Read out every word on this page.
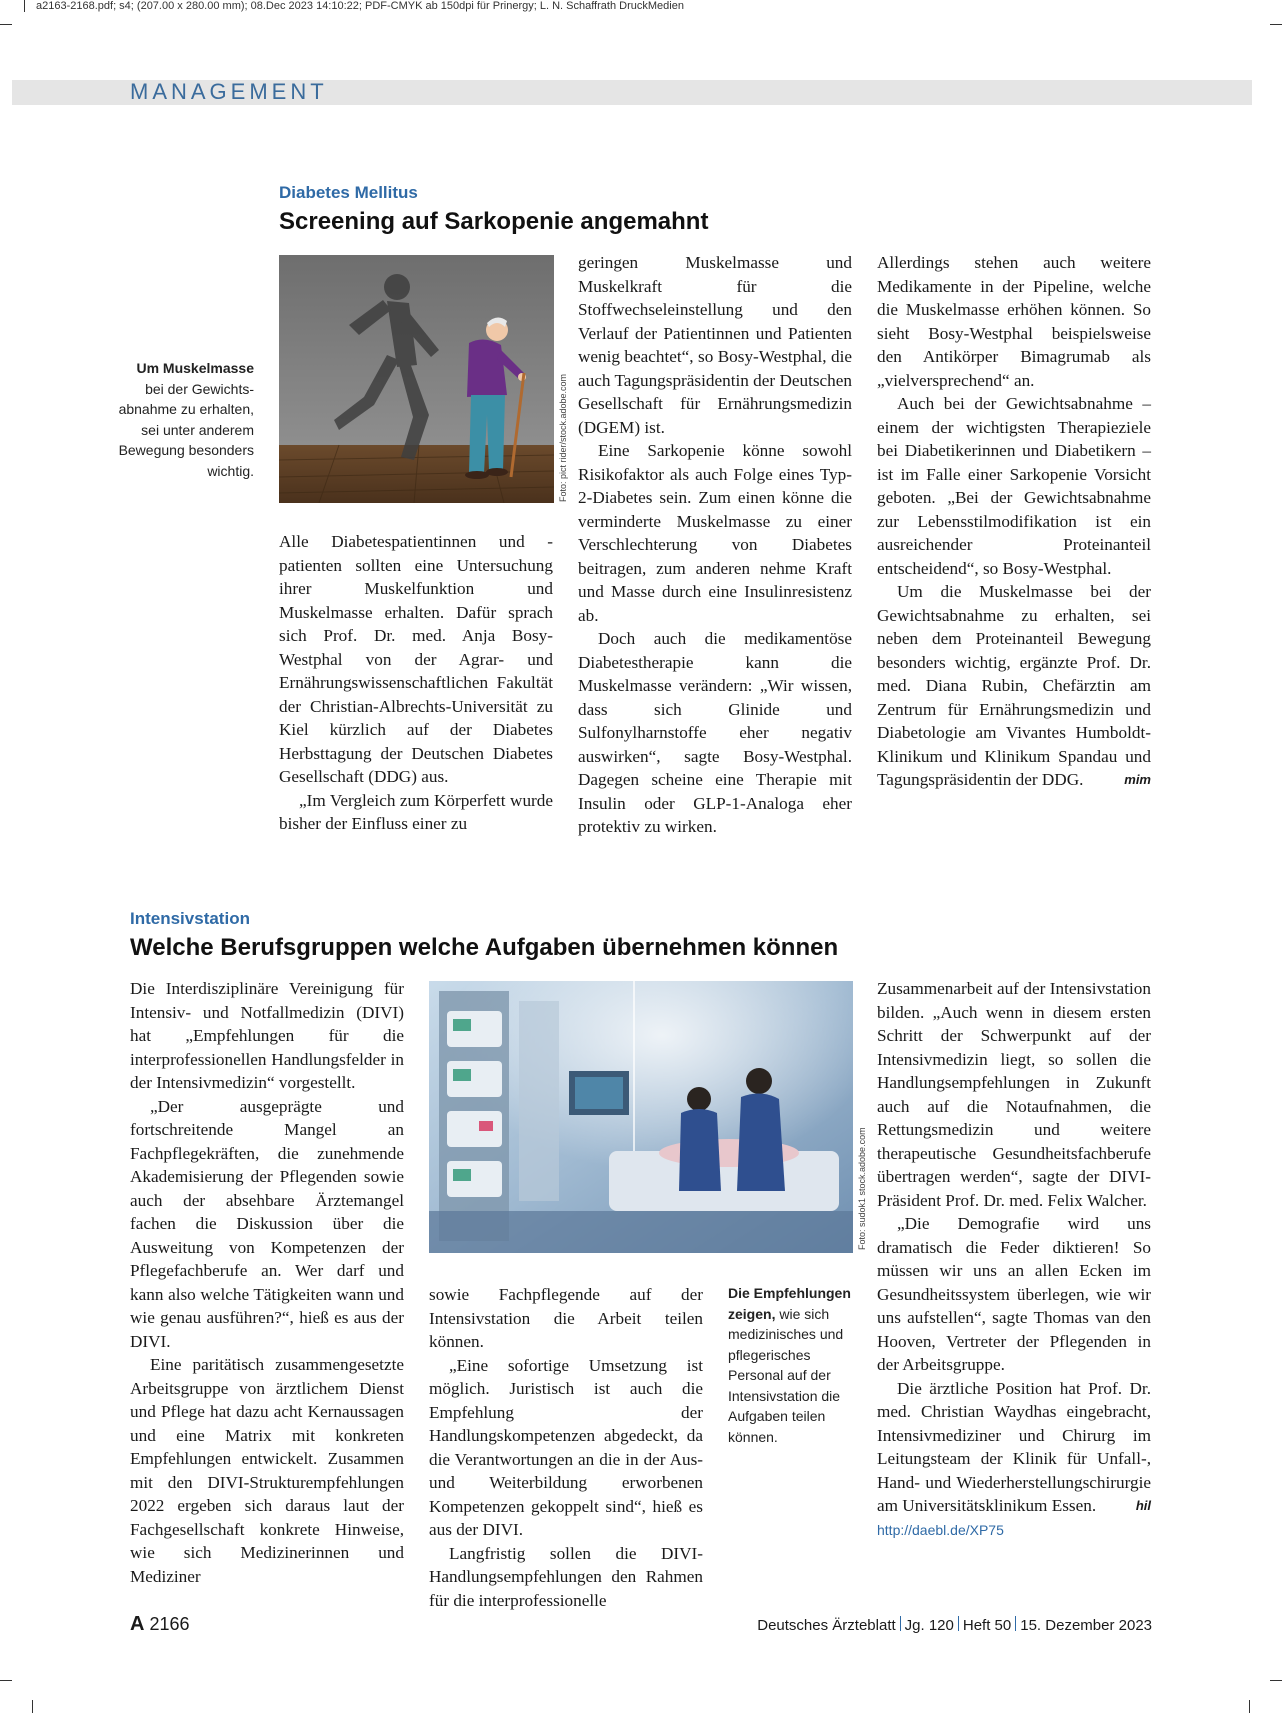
a2163-2168.pdf; s4; (207.00 x 280.00 mm); 08.Dec 2023 14:10:22; PDF-CMYK ab 150dpi für Prinergy; L. N. Schaffrath DruckMedien
MANAGEMENT
Diabetes Mellitus
Screening auf Sarkopenie angemahnt
Um Muskelmasse
bei der Gewichts-abnahme zu erhalten, sei unter anderem Bewegung besonders wichtig.	Foto: pict rider/stock.adobe.com

Alle Diabetespatientinnen und -patienten sollten eine Untersuchung ihrer Muskelfunktion und Muskelmasse erhalten. Dafür sprach sich Prof. Dr. med. Anja Bosy-Westphal von der Agrar- und Ernährungswissenschaftlichen Fakultät der Christian-Albrechts-Universität zu Kiel kürzlich auf der Diabetes Herbsttagung der Deutschen Diabetes Gesellschaft (DDG) aus.

„Im Vergleich zum Körperfett wurde bisher der Einfluss einer zu

geringen Muskelmasse und Muskelkraft für die Stoffwechseleinstellung und den Verlauf der Patientinnen und Patienten wenig beachtet“, so Bosy-Westphal, die auch Tagungspräsidentin der Deutschen Gesellschaft für Ernährungsmedizin (DGEM) ist.

Eine Sarkopenie könne sowohl Risikofaktor als auch Folge eines Typ-2-Diabetes sein. Zum einen könne die verminderte Muskelmasse zu einer Verschlechterung von Diabetes beitragen, zum anderen nehme Kraft und Masse durch eine Insulinresistenz ab.

Doch auch die medikamentöse Diabetestherapie kann die Muskelmasse verändern: „Wir wissen, dass sich Glinide und Sulfonylharnstoffe eher negativ auswirken“, sagte Bosy-Westphal. Dagegen scheine eine Therapie mit Insulin oder GLP-1-Analoga eher protektiv zu wirken.

Allerdings stehen auch weitere Medikamente in der Pipeline, welche die Muskelmasse erhöhen können. So sieht Bosy-Westphal beispielsweise den Antikörper Bimagrumab als „vielversprechend“ an.

Auch bei der Gewichtsabnahme – einem der wichtigsten Therapieziele bei Diabetikerinnen und Diabetikern – ist im Falle einer Sarkopenie Vorsicht geboten. „Bei der Gewichtsabnahme zur Lebensstilmodifikation ist ein ausreichender Proteinanteil entscheidend“, so Bosy-Westphal.

Um die Muskelmasse bei der Gewichtsabnahme zu erhalten, sei neben dem Proteinanteil Bewegung besonders wichtig, ergänzte Prof. Dr. med. Diana Rubin, Chefärztin am Zentrum für Ernährungsmedizin und Diabetologie am Vivantes Humboldt-Klinikum und Klinikum Spandau und Tagungspräsidentin der DDG.	mim

Intensivstation
Welche Berufsgruppen welche Aufgaben übernehmen können

Die Interdisziplinäre Vereinigung für Intensiv- und Notfallmedizin (DIVI) hat „Empfehlungen für die interprofessionellen Handlungsfelder in der Intensivmedizin“ vorgestellt.

„Der ausgeprägte und fortschreitende Mangel an Fachpflegekräften, die zunehmende Akademisierung der Pflegenden sowie auch der absehbare Ärztemangel fachen die Diskussion über die Ausweitung von Kompetenzen der Pflegefachberufe an. Wer darf und kann also welche Tätigkeiten wann und wie genau ausführen?“, hieß es aus der DIVI.

Eine paritätisch zusammengesetzte Arbeitsgruppe von ärztlichem Dienst und Pflege hat dazu acht Kernaussagen und eine Matrix mit konkreten Empfehlungen entwickelt. Zusammen mit den DIVI-Strukturempfehlungen 2022 ergeben sich daraus laut der Fachgesellschaft konkrete Hinweise, wie sich Medizinerinnen und Mediziner

Foto: sudok1 stock.adobe.com

sowie Fachpflegende auf der Intensivstation die Arbeit teilen können.

„Eine sofortige Umsetzung ist möglich. Juristisch ist auch die Empfehlung der Handlungskompetenzen abgedeckt, da die Verantwortungen an die in der Aus- und Weiterbildung erworbenen Kompetenzen gekoppelt sind“, hieß es aus der DIVI.

Langfristig sollen die DIVI-Handlungsempfehlungen den Rahmen für die interprofessionelle

Die Empfehlungen zeigen, wie sich medizinisches und pflegerisches Personal auf der Intensivstation die Aufgaben teilen können.

Zusammenarbeit auf der Intensivstation bilden. „Auch wenn in diesem ersten Schritt der Schwerpunkt auf der Intensivmedizin liegt, so sollen die Handlungsempfehlungen in Zukunft auch auf die Notaufnahmen, die Rettungsmedizin und weitere therapeutische Gesundheitsfachberufe übertragen werden“, sagte der DIVI-Präsident Prof. Dr. med. Felix Walcher.

„Die Demografie wird uns dramatisch die Feder diktieren! So müssen wir uns an allen Ecken im Gesundheitssystem überlegen, wie wir uns aufstellen“, sagte Thomas van den Hooven, Vertreter der Pflegenden in der Arbeitsgruppe.

Die ärztliche Position hat Prof. Dr. med. Christian Waydhas eingebracht, Intensivmediziner und Chirurg im Leitungsteam der Klinik für Unfall-, Hand- und Wiederherstellungschirurgie am Universitätsklinikum Essen.	hil

http://daebl.de/XP75

A 2166	Deutsches Ärzteblatt Jg. 120 Heft 50 15. Dezember 2023
